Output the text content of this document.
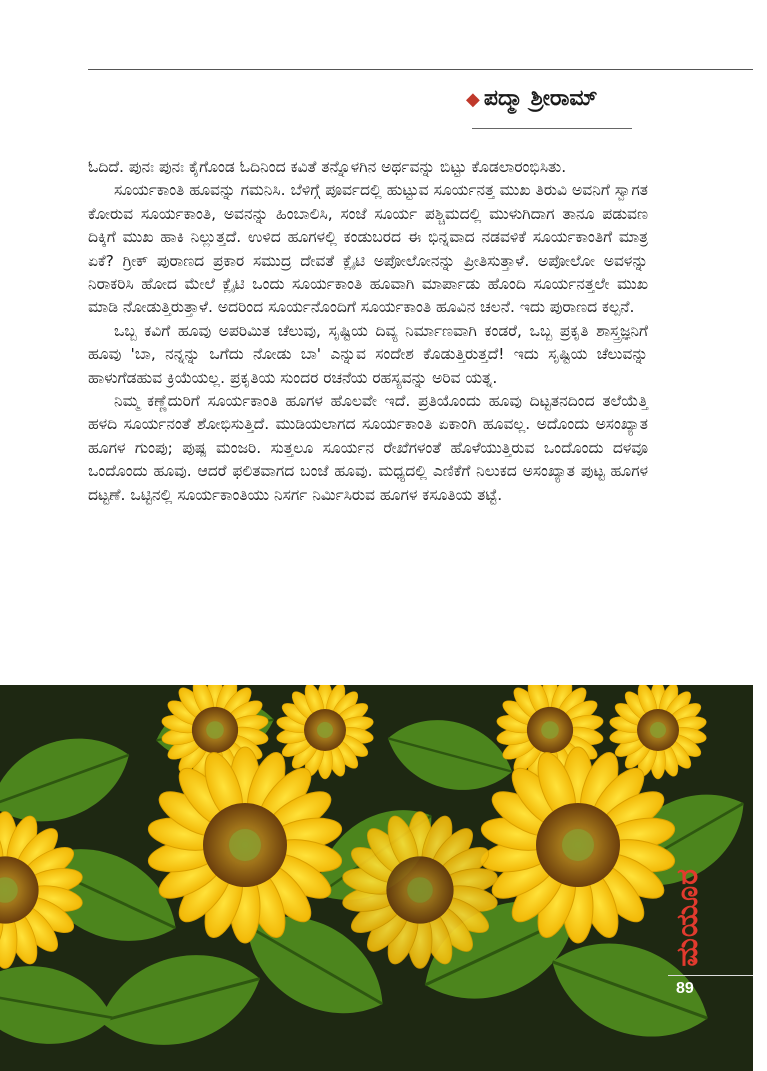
◆ ಪದ್ಮಾ ಶ್ರೀರಾಮ್

ಓದಿದೆ. ಪುನಃ ಪುನಃ ಕೈಗೊಂಡ ಓದಿನಿಂದ ಕವಿತೆ ತನ್ನೊಳಗಿನ ಅರ್ಥವನ್ನು ಬಿಟ್ಟು ಕೊಡಲಾರಂಭಿಸಿತು.

ಸೂರ್ಯಕಾಂತಿ ಹೂವನ್ನು ಗಮನಿಸಿ. ಬೆಳಿಗ್ಗೆ ಪೂರ್ವದಲ್ಲಿ ಹುಟ್ಟುವ ಸೂರ್ಯನತ್ತ ಮುಖ ತಿರುವಿ ಅವನಿಗೆ ಸ್ವಾಗತ ಕೋರುವ ಸೂರ್ಯಕಾಂತಿ, ಅವನನ್ನು ಹಿಂಬಾಲಿಸಿ, ಸಂಜೆ ಸೂರ್ಯ ಪಶ್ಚಿಮದಲ್ಲಿ ಮುಳುಗಿದಾಗ ತಾನೂ ಪಡುವಣ ದಿಕ್ಕಿಗೆ ಮುಖ ಹಾಕಿ ನಿಲ್ಲುತ್ತದೆ. ಉಳಿದ ಹೂಗಳಲ್ಲಿ ಕಂಡುಬರದ ಈ ಭಿನ್ನವಾದ ನಡವಳಿಕೆ ಸೂರ್ಯಕಾಂತಿಗೆ ಮಾತ್ರ ಏಕೆ? ಗ್ರೀಕ್ ಪುರಾಣದ ಪ್ರಕಾರ ಸಮುದ್ರ ದೇವತೆ ಕ್ಲೈಟಿ ಅಪೋಲೋನನ್ನು ಪ್ರೀತಿಸುತ್ತಾಳೆ. ಅಪೋಲೋ ಅವಳನ್ನು ನಿರಾಕರಿಸಿ ಹೋದ ಮೇಲೆ ಕ್ಲೈಟಿ ಒಂದು ಸೂರ್ಯಕಾಂತಿ ಹೂವಾಗಿ ಮಾರ್ಪಾಡು ಹೊಂದಿ ಸೂರ್ಯನತ್ತಲೇ ಮುಖ ಮಾಡಿ ನೋಡುತ್ತಿರುತ್ತಾಳೆ. ಅದರಿಂದ ಸೂರ್ಯನೊಂದಿಗೆ ಸೂರ್ಯಕಾಂತಿ ಹೂವಿನ ಚಲನೆ. ಇದು ಪುರಾಣದ ಕಲ್ಪನೆ.

ಒಬ್ಬ ಕವಿಗೆ ಹೂವು ಅಪರಿಮಿತ ಚೆಲುವು, ಸೃಷ್ಟಿಯ ದಿವ್ಯ ನಿರ್ಮಾಣವಾಗಿ ಕಂಡರೆ, ಒಬ್ಬ ಪ್ರಕೃತಿ ಶಾಸ್ತ್ರಜ್ಞನಿಗೆ ಹೂವು 'ಬಾ, ನನ್ನನ್ನು ಒಗೆದು ನೋಡು ಬಾ' ಎನ್ನುವ ಸಂದೇಶ ಕೊಡುತ್ತಿರುತ್ತದೆ! ಇದು ಸೃಷ್ಟಿಯ ಚೆಲುವನ್ನು ಹಾಳುಗೆಡಹುವ ಕ್ರಿಯೆಯಲ್ಲ. ಪ್ರಕೃತಿಯ ಸುಂದರ ರಚನೆಯ ರಹಸ್ಯವನ್ನು ಅರಿವ ಯತ್ನ.

ನಿಮ್ಮ ಕಣ್ಣೆದುರಿಗೆ ಸೂರ್ಯಕಾಂತಿ ಹೂಗಳ ಹೊಲವೇ ಇದೆ. ಪ್ರತಿಯೊಂದು ಹೂವು ದಿಟ್ಟತನದಿಂದ ತಲೆಯೆತ್ತಿ ಹಳದಿ ಸೂರ್ಯನಂತೆ ಶೋಭಿಸುತ್ತಿದೆ. ಮುಡಿಯಲಾಗದ ಸೂರ್ಯಕಾಂತಿ ಏಕಾಂಗಿ ಹೂವಲ್ಲ. ಅದೊಂದು ಅಸಂಖ್ಯಾತ ಹೂಗಳ ಗುಂಪು; ಪುಷ್ಪ ಮಂಜರಿ. ಸುತ್ತಲೂ ಸೂರ್ಯನ ರೇಖೆಗಳಂತೆ ಹೊಳೆಯುತ್ತಿರುವ ಒಂದೊಂದು ದಳವೂ ಒಂದೊಂದು ಹೂವು. ಆದರೆ ಫಲಿತವಾಗದ ಬಂಜೆ ಹೂವು. ಮಧ್ಯದಲ್ಲಿ ಎಣಿಕೆಗೆ ನಿಲುಕದ ಅಸಂಖ್ಯಾತ ಪುಟ್ಟ ಹೂಗಳ ದಟ್ಟಣೆ. ಒಟ್ಟಿನಲ್ಲಿ ಸೂರ್ಯಕಾಂತಿಯು ನಿಸರ್ಗ ನಿರ್ಮಿಸಿರುವ ಹೂಗಳ ಕಸೂತಿಯ ತಟ್ಟೆ.

ಮಯೂರ
89
